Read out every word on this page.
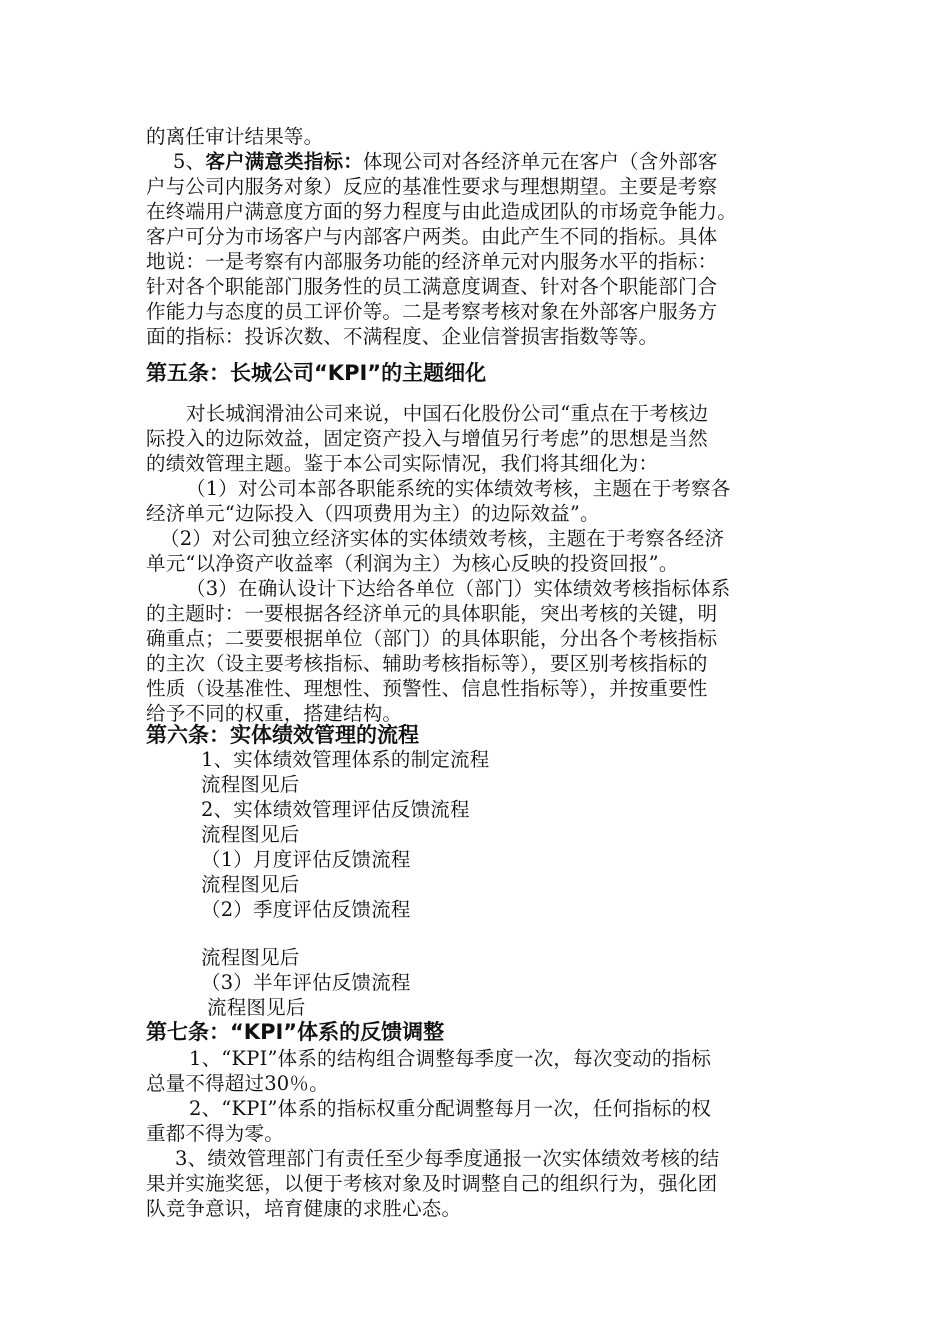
的离任审计结果等。
5、客户满意类指标：体现公司对各经济单元在客户（含外部客
户与公司内服务对象）反应的基准性要求与理想期望。主要是考察
在终端用户满意度方面的努力程度与由此造成团队的市场竞争能力。
客户可分为市场客户与内部客户两类。由此产生不同的指标。具体
地说：一是考察有内部服务功能的经济单元对内服务水平的指标：
针对各个职能部门服务性的员工满意度调查、针对各个职能部门合
作能力与态度的员工评价等。二是考察考核对象在外部客户服务方
面的指标：投诉次数、不满程度、企业信誉损害指数等等。
第五条：长城公司“KPI”的主题细化
对长城润滑油公司来说，中国石化股份公司“重点在于考核边
际投入的边际效益，固定资产投入与增值另行考虑”的思想是当然
的绩效管理主题。鉴于本公司实际情况，我们将其细化为：
（1）对公司本部各职能系统的实体绩效考核，主题在于考察各
经济单元“边际投入（四项费用为主）的边际效益”。
（2）对公司独立经济实体的实体绩效考核，主题在于考察各经济
单元“以净资产收益率（利润为主）为核心反映的投资回报”。
（3）在确认设计下达给各单位（部门）实体绩效考核指标体系
的主题时：一要根据各经济单元的具体职能，突出考核的关键，明
确重点；二要要根据单位（部门）的具体职能，分出各个考核指标
的主次（设主要考核指标、辅助考核指标等），要区别考核指标的
性质（设基准性、理想性、预警性、信息性指标等），并按重要性
给予不同的权重，搭建结构。
第六条：实体绩效管理的流程
1、实体绩效管理体系的制定流程
流程图见后
2、实体绩效管理评估反馈流程
流程图见后
（1）月度评估反馈流程
流程图见后
（2）季度评估反馈流程
流程图见后
（3）半年评估反馈流程
流程图见后
第七条：“KPI”体系的反馈调整
1、“KPI”体系的结构组合调整每季度一次，每次变动的指标
总量不得超过30％。
2、“KPI”体系的指标权重分配调整每月一次，任何指标的权
重都不得为零。
3、绩效管理部门有责任至少每季度通报一次实体绩效考核的结
果并实施奖惩，以便于考核对象及时调整自己的组织行为，强化团
队竞争意识，培育健康的求胜心态。
